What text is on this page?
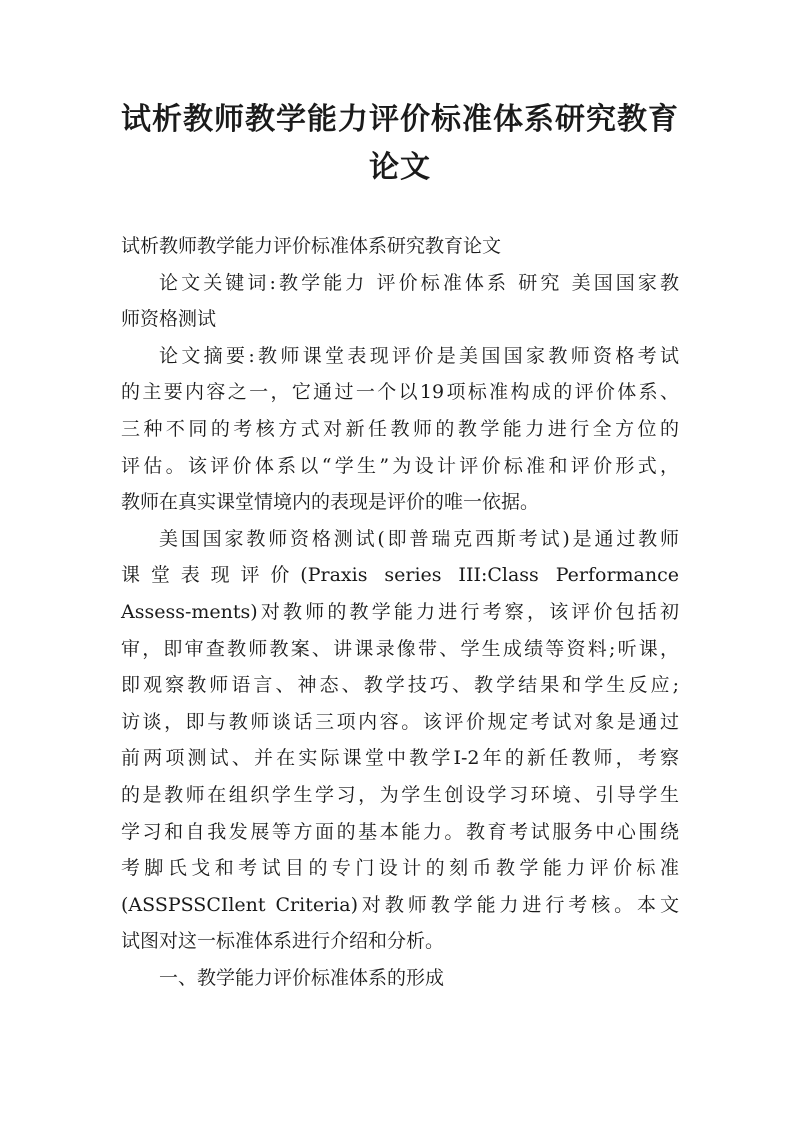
试析教师教学能力评价标准体系研究教育
论文
试析教师教学能力评价标准体系研究教育论文
论文关键词:教学能力 评价标准体系 研究 美国国家教
师资格测试
论文摘要:教师课堂表现评价是美国国家教师资格考试
的主要内容之一，它通过一个以19项标准构成的评价体系、
三种不同的考核方式对新任教师的教学能力进行全方位的
评估。该评价体系以“学生”为设计评价标准和评价形式，
教师在真实课堂情境内的表现是评价的唯一依据。
美国国家教师资格测试(即普瑞克西斯考试)是通过教师
课堂表现评价(Praxis series III:Class Performance
Assess-ments)对教师的教学能力进行考察，该评价包括初
审，即审查教师教案、讲课录像带、学生成绩等资料;听课，
即观察教师语言、神态、教学技巧、教学结果和学生反应;
访谈，即与教师谈话三项内容。该评价规定考试对象是通过
前两项测试、并在实际课堂中教学I-2年的新任教师，考察
的是教师在组织学生学习，为学生创设学习环境、引导学生
学习和自我发展等方面的基本能力。教育考试服务中心围绕
考脚氏戈和考试目的专门设计的刻币教学能力评价标准
(ASSPSSCIlent Criteria)对教师教学能力进行考核。本文
试图对这一标准体系进行介绍和分析。
一、教学能力评价标准体系的形成
